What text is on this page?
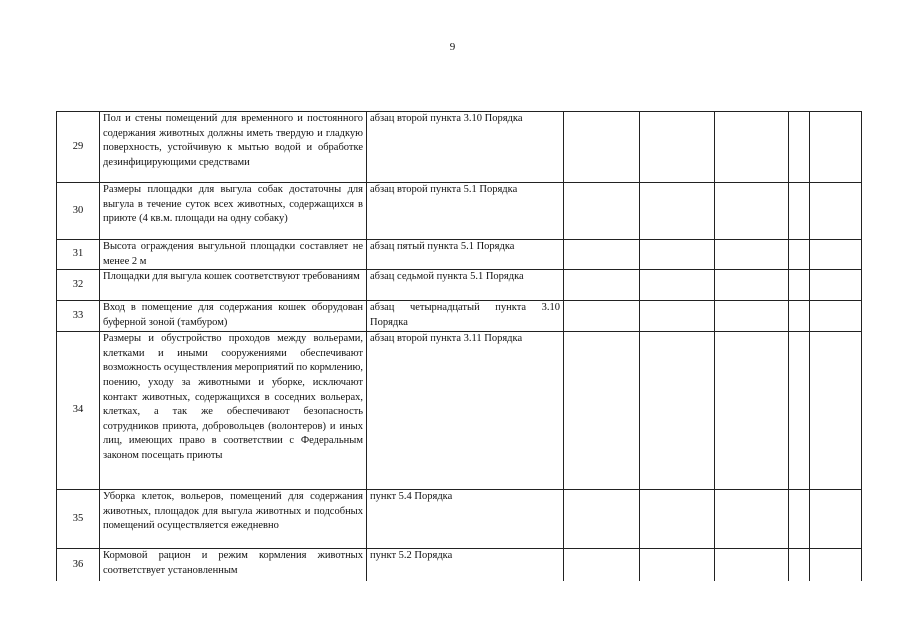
9
29	Пол и стены помещений для временного и постоянного содержания животных должны иметь твердую и гладкую поверхность, устойчивую к мытью водой и обработке дезинфицирующими средствами	абзац второй пункта 3.10 Порядка					
30	Размеры площадки для выгула собак достаточны для выгула в течение суток всех животных, содержащихся в приюте (4 кв.м. площади на одну собаку)	абзац второй пункта 5.1 Порядка					
31	Высота ограждения выгульной площадки составляет не менее 2 м	абзац пятый пункта 5.1 Порядка					
32	Площадки для выгула кошек соответствуют требованиям	абзац седьмой пункта 5.1 Порядка					
33	Вход в помещение для содержания кошек оборудован буферной зоной (тамбуром)	абзац четырнадцатый пункта 3.10 Порядка					
34	Размеры и обустройство проходов между вольерами, клетками и иными сооружениями обеспечивают возможность осуществления мероприятий по кормлению, поению, уходу за животными и уборке, исключают контакт животных, содержащихся в соседних вольерах, клетках, а так же обеспечивают безопасность сотрудников приюта, добровольцев (волонтеров) и иных лиц, имеющих право в соответствии с Федеральным законом посещать приюты	абзац второй пункта 3.11 Порядка					
35	Уборка клеток, вольеров, помещений для содержания животных, площадок для выгула животных и подсобных помещений осуществляется ежедневно	пункт 5.4 Порядка					
36	Кормовой рацион и режим кормления животных соответствует установленным	пункт 5.2 Порядка					
